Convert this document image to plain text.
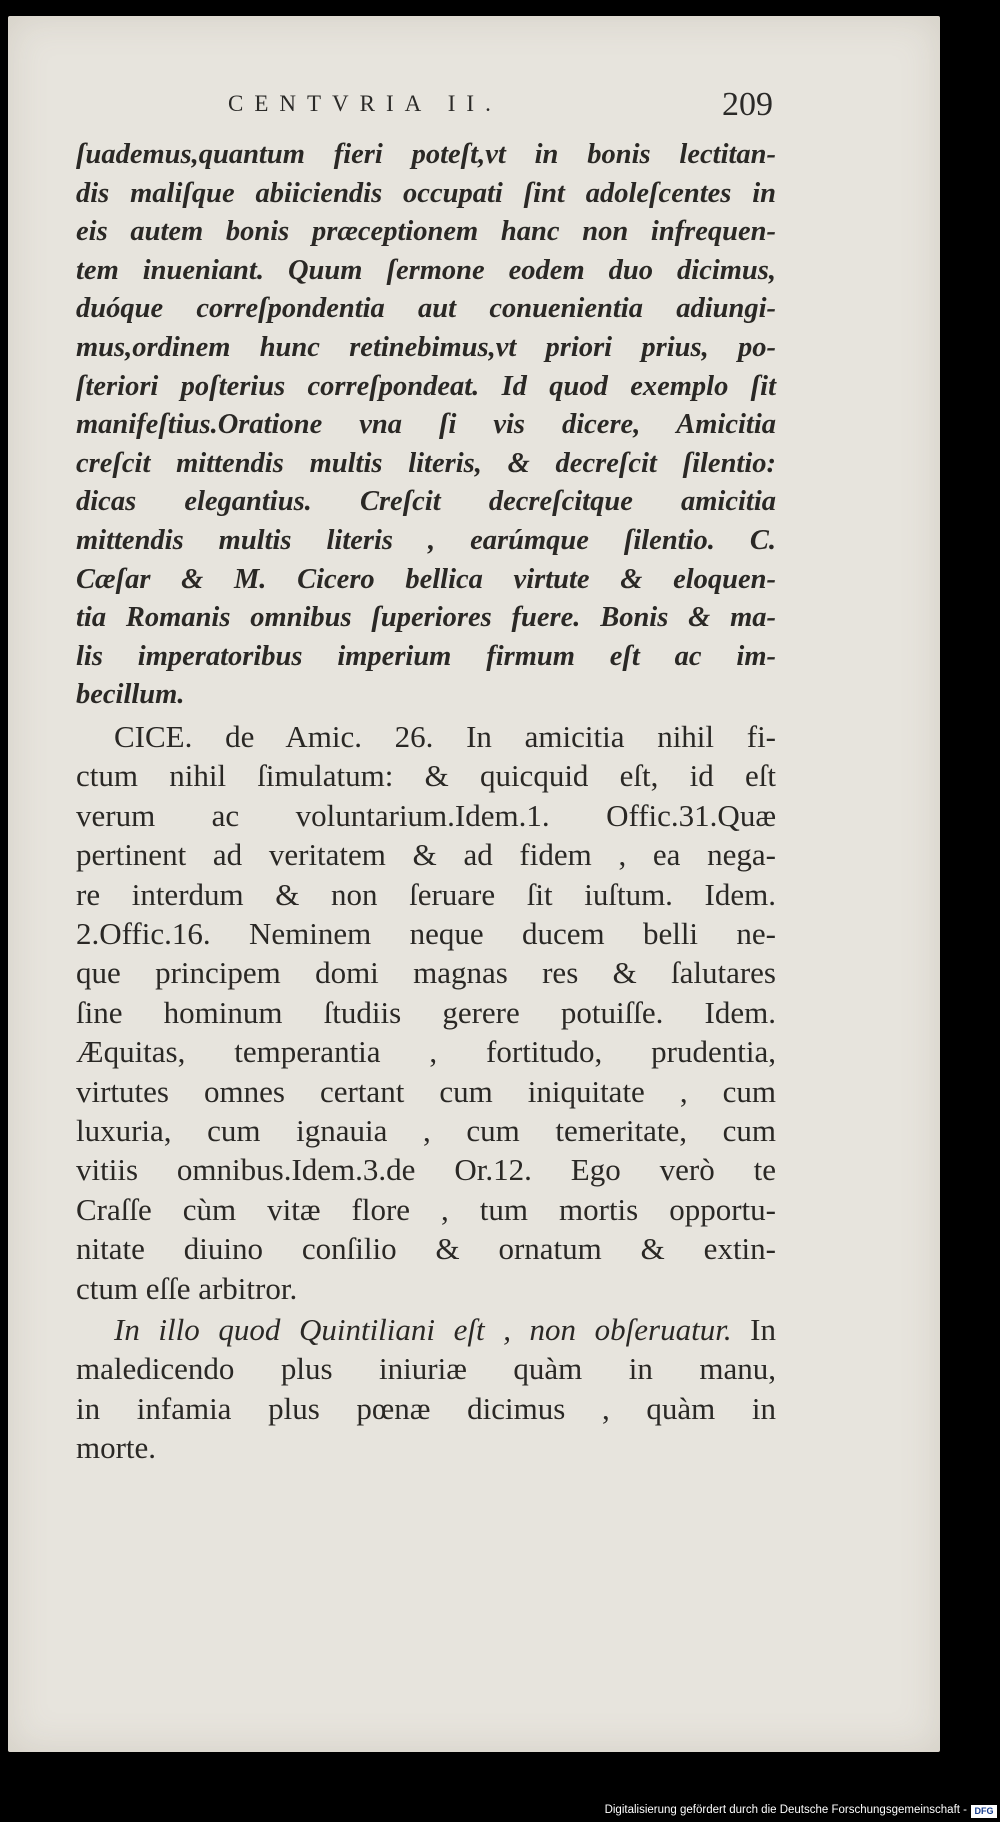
CENTVRIA II.	209
ſuademus,quantum fieri poteſt,vt in bonis lectitan-
dis maliſque abiiciendis occupati ſint adoleſcentes in
eis autem bonis præceptionem hanc non infrequen-
tem inueniant. Quum ſermone eodem duo dicimus,
duóque correſpondentia aut conuenientia adiungi-
mus,ordinem hunc retinebimus,vt priori prius, po-
ſteriori poſterius correſpondeat. Id quod exemplo ſit
manifeſtius.Oratione vna ſi vis dicere, Amicitia
creſcit mittendis multis literis, & decreſcit ſilentio:
dicas elegantius. Creſcit decreſcitque amicitia
mittendis multis literis , earúmque ſilentio. C.
Cæſar & M. Cicero bellica virtute & eloquen-
tia Romanis omnibus ſuperiores fuere. Bonis & ma-
lis imperatoribus imperium firmum eſt ac im-
becillum.
CICE. de Amic. 26. In amicitia nihil fi-
ctum nihil ſimulatum: & quicquid eſt, id eſt
verum ac voluntarium.Idem.1. Offic.31.Quæ
pertinent ad veritatem & ad fidem , ea nega-
re interdum & non ſeruare ſit iuſtum. Idem.
2.Offic.16. Neminem neque ducem belli ne-
que principem domi magnas res & ſalutares
ſine hominum ſtudiis gerere potuiſſe. Idem.
Æquitas, temperantia , fortitudo, prudentia,
virtutes omnes certant cum iniquitate , cum
luxuria, cum ignauia , cum temeritate, cum
vitiis omnibus.Idem.3.de Or.12. Ego verò te
Craſſe cùm vitæ flore , tum mortis opportu-
nitate diuino conſilio & ornatum & extin-
ctum eſſe arbitror.
In illo quod Quintiliani eſt , non obſeruatur. In
maledicendo plus iniuriæ quàm in manu,
in infamia plus pœnæ dicimus , quàm in
morte.
Digitalisierung gefördert durch die Deutsche Forschungsgemeinschaft - DFG
